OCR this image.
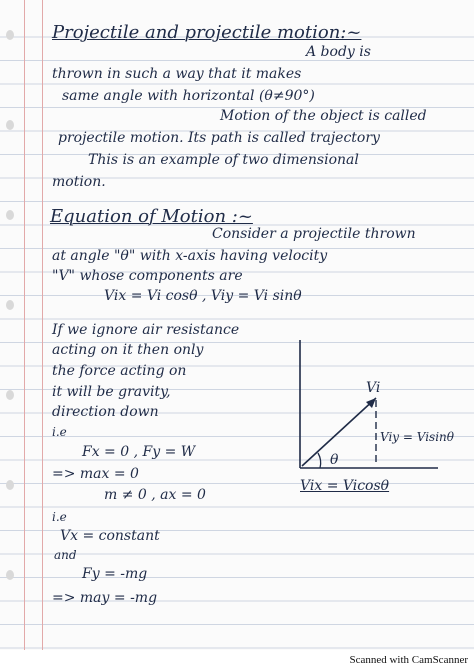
Projectile and projectile motion:~
A body is
thrown in such a way that it makes
same angle with horizontal (θ≠90°)
Motion of the object is called
projectile motion. Its path is called trajectory
This is an example of two dimensional
motion.
Equation of Motion :~
Consider a projectile thrown
at angle "θ" with x-axis having velocity
"V" whose components are
Vix = Vi cosθ , Viy = Vi sinθ
If we ignore air resistance
acting on it then only
the force acting on
it will be gravity,
direction down
i.e
Fx = 0 , Fy = W
=> max = 0
m ≠ 0 , ax = 0
i.e
Vx = constant
and
Fy = -mg
=> may = -mg
Vi
θ
Viy = Visinθ
Vix = Vicosθ
Scanned with CamScanner
